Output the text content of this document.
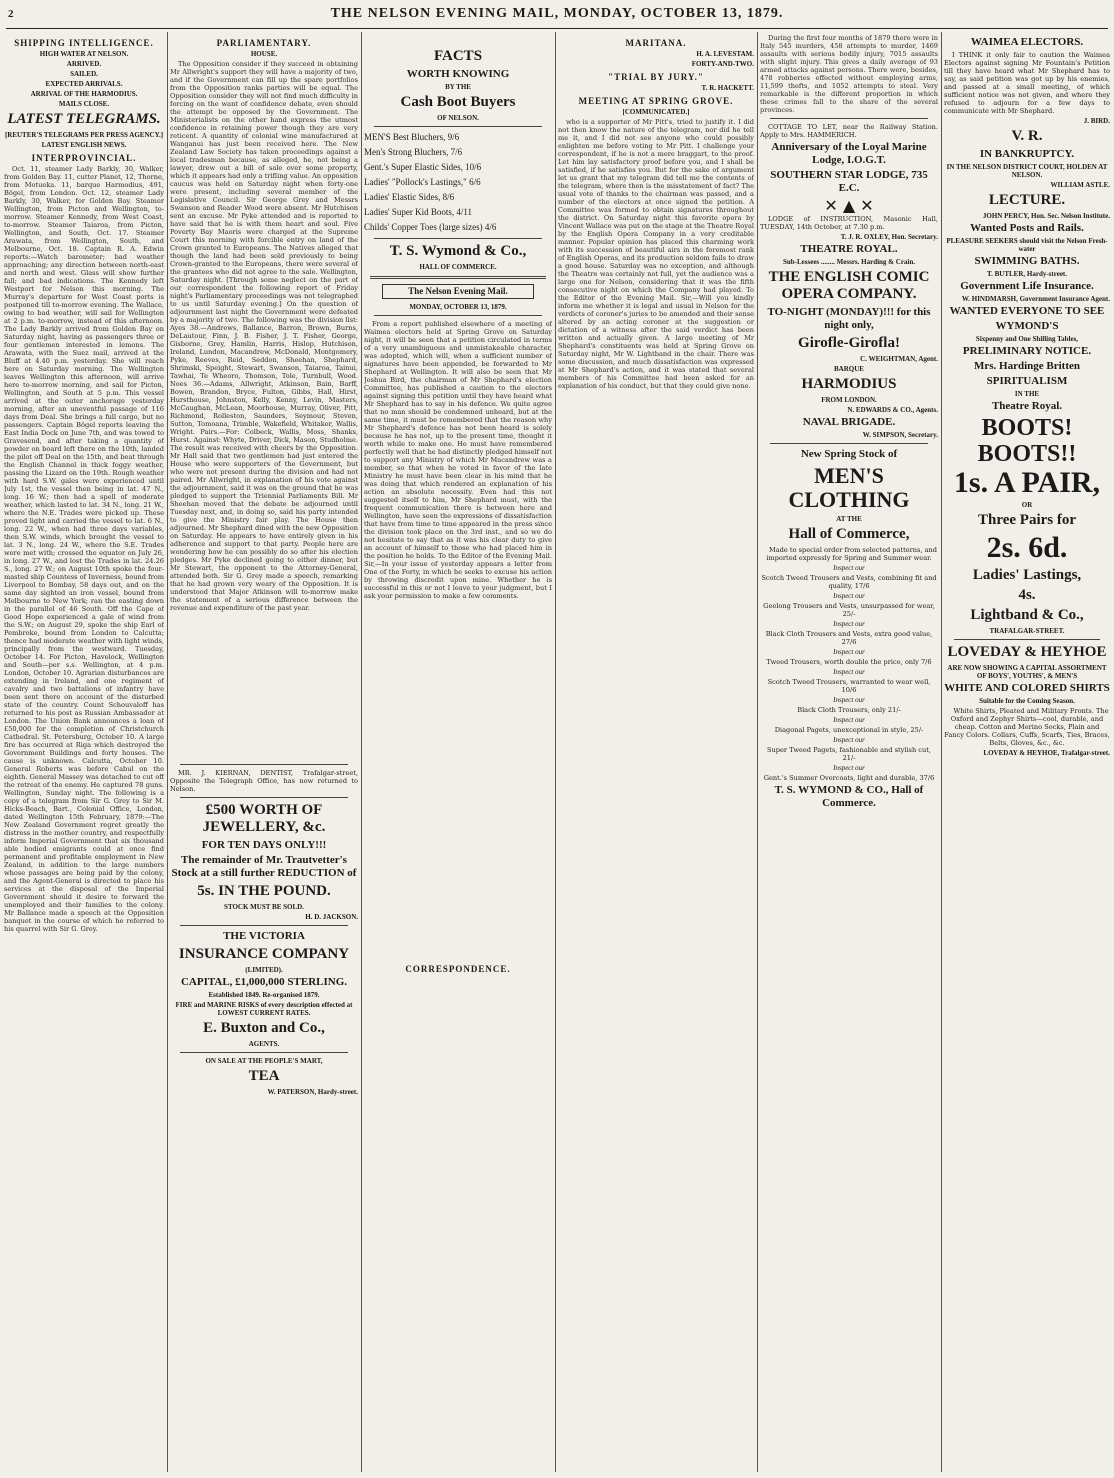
2	THE NELSON EVENING MAIL, MONDAY, OCTOBER 13, 1879.
SHIPPING INTELLIGENCE.
HIGH WATER AT NELSON.
ARRIVED.
SAILED.
EXPECTED ARRIVALS.
ARRIVAL OF THE HARMODIUS.
MAILS CLOSE.
LATEST TELEGRAMS.
[REUTER'S TELEGRAMS PER PRESS AGENCY.]
LATEST ENGLISH NEWS.
INTERPROVINCIAL.

Oct. 11, steamer Lady Barkly, 30, Walker, from Golden Bay. 11, cutter Planet, 12, Thorne, from Motueka. 11, barque Harmodius, 491, Bögel, from London. Oct. 12, steamer Lady Barkly, 30, Walker, for Golden Bay. Steamer Wellington, from Picton and Wellington, to-morrow. Steamer Kennedy, from West Coast, to-morrow. Steamer Taiaroa, from Picton, Wellington, and South, Oct. 17. Steamer Arawata, from Wellington, South, and Melbourne, Oct. 18. Captain R. A. Edwin reports:—Watch barometer; bad weather approaching; any direction between north-east and north and west. Glass will show further fall; and bad indications. The Kennedy left Westport for Nelson this morning. The Murray's departure for West Coast ports is postponed till to-morrow evening. The Wallace, owing to bad weather, will sail for Wellington at 2 p.m. to-morrow, instead of this afternoon. The Lady Barkly arrived from Golden Bay on Saturday night, having as passengers three or four gentlemen interested in lemons. The Arawata, with the Suez mail, arrived at the Bluff at 4.40 p.m. yesterday. She will reach here on Saturday morning. The Wellington leaves Wellington this afternoon, will arrive here to-morrow morning, and sail for Picton, Wellington, and South at 5 p.m. This vessel arrived at the outer anchorage yesterday morning, after an uneventful passage of 116 days from Deal. She brings a full cargo, but no passengers. Captain Bögel reports leaving the East India Dock on June 7th, and was towed to Gravesend, and after taking a quantity of powder on board left there on the 10th, landed the pilot off Deal on the 15th, and beat through the English Channel in thick foggy weather, passing the Lizard on the 19th. Rough weather with hard S.W. gales were experienced until July 1st, the vessel then being in lat. 47 N., long. 16 W.; then had a spell of moderate weather, which lasted to lat. 34 N., long. 21 W., where the N.E. Trades were picked up. These proved light and carried the vessel to lat. 6 N., long. 22 W., when had three days variables, then S.W. winds, which brought the vessel to lat. 3 N., long. 24 W., where the S.E. Trades were met with; crossed the equator on July 26, in long. 27 W., and lost the Trades in lat. 24.26 S., long. 27 W.; on August 10th spoke the four-masted ship Countess of Inverness, bound from Liverpool to Bombay, 58 days out, and on the same day sighted an iron vessel, bound from Melbourne to New York; ran the easting down in the parallel of 46 South. Off the Cape of Good Hope experienced a gale of wind from the S.W.; on August 29, spoke the ship Earl of Pembroke, bound from London to Calcutta; thence had moderate weather with light winds, principally from the westward. Tuesday, October 14. For Picton, Havelock, Wellington and South—per s.s. Wellington, at 4 p.m. London, October 10. Agrarian disturbances are extending in Ireland, and one regiment of cavalry and two battalions of infantry have been sent there on account of the disturbed state of the country. Count Schouvaloff has returned to his post as Russian Ambassador at London. The Union Bank announces a loan of £50,000 for the completion of Christchurch Cathedral. St. Petersburg, October 10. A large fire has occurred at Riga which destroyed the Government Buildings and forty houses. The cause is unknown. Calcutta, October 10. General Roberts was before Cabul on the eighth. General Massey was detached to cut off the retreat of the enemy. He captured 78 guns. Wellington, Sunday night. The following is a copy of a telegram from Sir G. Grey to Sir M. Hicks-Beach, Bart., Colonial Office, London, dated Wellington 15th February, 1879:—The New Zealand Government regret greatly the distress in the mother country, and respectfully inform Imperial Government that six thousand able bodied emigrants could at once find permanent and profitable employment in New Zealand, in addition to the large numbers whose passages are being paid by the colony, and the Agent-General is directed to place his services at the disposal of the Imperial Government should it desire to forward the unemployed and their families to the colony. Mr Ballance made a speech at the Opposition banquet in the course of which he referred to his quarrel with Sir G. Grey.

PARLIAMENTARY.
HOUSE.

The Opposition consider if they succeed in obtaining Mr Allwright's support they will have a majority of two, and if the Government can fill up the spare portfolios from the Opposition ranks parties will be equal. The Opposition consider they will not find much difficulty in forcing on the want of confidence debate, even should the attempt be opposed by the Government. The Ministerialists on the other hand express the utmost confidence in retaining power though they are very reticent. A quantity of colonial wine manufactured at Wanganui has just been received here. The New Zealand Law Society has taken proceedings against a local tradesman because, as alleged, he, not being a lawyer, drew out a bill of sale over some property, which it appears had only a trifling value. An opposition caucus was held on Saturday night when forty-one were present, including several member of the Legislative Council. Sir George Grey and Messrs Swanson and Reader Wood were absent. Mr Hutchison sent an excuse. Mr Pyke attended and is reported to have said that he is with them heart and soul. Five Poverty Bay Maoris were charged at the Supreme Court this morning with forcible entry on land of the Crown granted to Europeans. The Natives alleged that though the land had been sold previously to being Crown-granted to the Europeans, there were several of the grantees who did not agree to the sale. Wellington, Saturday night. [Through some neglect on the part of our correspondent the following report of Friday night's Parliamentary proceedings was not telegraphed to us until Saturday evening.] On the question of adjournment last night the Government were defeated by a majority of two. The following was the division list: Ayes 38.—Andrews, Ballance, Barron, Brown, Burns, DeLautour, Finn, J. B. Fisher, J. T. Fisher, George, Gisborne, Grey, Hamlin, Harris, Hislop, Hutchison, Ireland, Lundon, Macandrew, McDonald, Montgomery, Pyke, Reeves, Reid, Seddon, Sheehan, Shephard, Shrimski, Speight, Stewart, Swanson, Taiaroa, Tainui, Tawhai, Te Wheoro, Thomson, Tole, Turnbull, Wood. Noes 36.—Adams, Allwright, Atkinson, Bain, Barff, Bowen, Brandon, Bryce, Fulton, Gibbs, Hall, Hirst, Hursthouse, Johnston, Kelly, Kenny, Levin, Masters, McCaughan, McLean, Moorhouse, Murray, Oliver, Pitt, Richmond, Rolleston, Saunders, Seymour, Steven, Sutton, Tomoana, Trimble, Wakefield, Whitaker, Wallis, Wright. Pairs.—For: Colbeck, Wallis, Moss, Shanks, Hurst. Against: Whyte, Driver, Dick, Mason, Studholme. The result was received with cheers by the Opposition. Mr Hall said that two gentlemen had just entered the House who were supporters of the Government, but who were not present during the division and had not paired. Mr Allwright, in explanation of his vote against the adjournment, said it was on the ground that he was pledged to support the Triennial Parliaments Bill. Mr Sheehan moved that the debate be adjourned until Tuesday next, and, in doing so, said his party intended to give the Ministry fair play. The House then adjourned. Mr Shephard dined with the new Opposition on Saturday. He appears to have entirely given in his adherence and support to that party. People here are wondering how he can possibly do so after his election pledges. Mr Pyke declined going to either dinner, but Mr Stewart, the opponent to the Attorney-General, attended both. Sir G. Grey made a speech, remarking that he had grown very weary of the Opposition. It is understood that Major Atkinson will to-morrow make the statement of a serious difference between the revenue and expenditure of the past year.

MR. J. KIERNAN, DENTIST, Trafalgar-street, Opposite the Telegraph Office, has now returned to Nelson.

£500 WORTH OF JEWELLERY, &c.
FOR TEN DAYS ONLY!!!
The remainder of Mr. Trautvetter's Stock at a still further REDUCTION of
5s. IN THE POUND.
STOCK MUST BE SOLD.
H. D. JACKSON.
THE VICTORIA
INSURANCE COMPANY
(LIMITED).
CAPITAL, £1,000,000 STERLING.
Established 1849. Re-organised 1879.
FIRE and MARINE RISKS of every description effected at LOWEST CURRENT RATES.
E. Buxton and Co.,
AGENTS.
ON SALE AT THE PEOPLE'S MART,
TEA
W. PATERSON, Hardy-street.
FACTS
WORTH KNOWING
BY THE
Cash Boot Buyers
OF NELSON.
MEN'S Best Bluchers, 9/6
Men's Strong Bluchers, 7/6
Gent.'s Super Elastic Sides, 10/6
Ladies' "Pollock's Lastings," 6/6
Ladies' Elastic Sides, 8/6
Ladies' Super Kid Boots, 4/11
Childs' Copper Toes (large sizes) 4/6
T. S. Wymond & Co.,
HALL OF COMMERCE.
The Nelson Evening Mail.
MONDAY, OCTOBER 13, 1879.

From a report published elsewhere of a meeting of Waimea electors held at Spring Grove on Saturday night, it will be seen that a petition circulated in terms of a very unambiguous and unmistakeable character, was adopted, which will, when a sufficient number of signatures have been appended, be forwarded to Mr Shephard at Wellington. It will also be seen that Mr Joshua Bird, the chairman of Mr Shephard's election Committee, has published a caution to the electors against signing this petition until they have heard what Mr Shephard has to say in his defence. We quite agree that no man should be condemned unheard, but at the same time, it must be remembered that the reason why Mr Shephard's defence has not been heard is solely because he has not, up to the present time, thought it worth while to make one. He must have remembered perfectly well that he had distinctly pledged himself not to support any Ministry of which Mr Macandrew was a member, so that when he voted in favor of the late Ministry he must have been clear in his mind that he was doing that which rendered an explanation of his action an absolute necessity. Even had this not suggested itself to him, Mr Shephard must, with the frequent communication there is between here and Wellington, have seen the expressions of dissatisfaction that have from time to time appeared in the press since the division took place on the 3rd inst., and so we do not hesitate to say that as it was his clear duty to give an account of himself to those who had placed him in the position he holds. To the Editor of the Evening Mail. Sir,—In your issue of yesterday appears a letter from One of the Forty, in which he seeks to excuse his action by throwing discredit upon mine. Whether he is successful in this or not I leave to your judgment, but I ask your permission to make a few comments.

CORRESPONDENCE.
MARITANA.
H. A. LEVESTAM.
FORTY-AND-TWO.
"TRIAL BY JURY."
T. R. HACKETT.
MEETING AT SPRING GROVE.
[COMMUNICATED.]

who is a supporter of Mr Pitt's, tried to justify it. I did not then know the nature of the telegram, nor did he tell me it, and I did not see anyone who could possibly enlighten me before voting to Mr Pitt. I challenge your correspondent, if he is not a mere braggart, to the proof. Let him lay satisfactory proof before you, and I shall be satisfied, if he satisfies you. But for the sake of argument let us grant that my telegram did tell me the contents of the telegram, where then is the misstatement of fact? The usual vote of thanks to the chairman was passed, and a number of the electors at once signed the petition. A Committee was formed to obtain signatures throughout the district. On Saturday night this favorite opera by Vincent Wallace was put on the stage at the Theatre Royal by the English Opera Company in a very creditable manner. Popular opinion has placed this charming work with its succession of beautiful airs in the foremost rank of English Operas, and its production seldom fails to draw a good house. Saturday was no exception, and although the Theatre was certainly not full, yet the audience was a large one for Nelson, considering that it was the fifth consecutive night on which the Company had played. To the Editor of the Evening Mail. Sir,—Will you kindly inform me whether it is legal and usual in Nelson for the verdicts of coroner's juries to be amended and their sense altered by an acting coroner at the suggestion or dictation of a witness after the said verdict has been written and actually given. A large meeting of Mr Shephard's constituents was held at Spring Grove on Saturday night, Mr W. Lightband in the chair. There was some discussion, and much dissatisfaction was expressed at Mr Shephard's action, and it was stated that several members of his Committee had been asked for an explanation of his conduct, but that they could give none.

During the first four months of 1879 there were in Italy 545 murders, 458 attempts to murder, 1469 assaults with serious bodily injury, 7015 assaults with slight injury. This gives a daily average of 93 armed attacks against persons. There were, besides, 478 robberies effected without employing arms, 11,599 thefts, and 1052 attempts to steal. Very remarkable is the different proportion in which these crimes fall to the share of the several provinces.

COTTAGE TO LET, near the Railway Station. Apply to Mrs. HAMMERICH.

Anniversary of the Loyal Marine Lodge, I.O.G.T.
SOUTHERN STAR LODGE, 735 E.C.
✕ ▲ ✕

LODGE of INSTRUCTION, Masonic Hall, TUESDAY, 14th October, at 7.30 p.m.

T. J. R. OXLEY, Hon. Secretary.
THEATRE ROYAL.
Sub-Lessees ........ Messrs. Harding & Crain.
THE ENGLISH COMIC OPERA COMPANY.
TO-NIGHT (MONDAY)!!! for this night only,
Girofle-Girofla!
C. WEIGHTMAN, Agent.
BARQUE
HARMODIUS
FROM LONDON.
N. EDWARDS & CO., Agents.
NAVAL BRIGADE.
W. SIMPSON, Secretary.
New Spring Stock of
MEN'S CLOTHING
AT THE
Hall of Commerce,

Made to special order from selected patterns, and imported expressly for Spring and Summer wear.

Inspect our
Scotch Tweed Trousers and Vests, combining fit and quality, 17/6
Inspect our
Geelong Trousers and Vests, unsurpassed for wear, 25/-
Inspect our
Black Cloth Trousers and Vests, extra good value, 27/6
Inspect our
Tweed Trousers, worth double the price, only 7/6
Inspect our
Scotch Tweed Trousers, warranted to wear well, 10/6
Inspect our
Black Cloth Trousers, only 21/-
Inspect our
Diagonal Pagets, unexceptional in style, 25/-
Inspect our
Super Tweed Pagets, fashionable and stylish cut, 21/-
Inspect our
Gent.'s Summer Overcoats, light and durable, 37/6
T. S. WYMOND & CO., Hall of Commerce.
WAIMEA ELECTORS.

I THINK it only fair to caution the Waimea Electors against signing Mr Fountain's Petition till they have heard what Mr Shephard has to say, as said petition was got up by his enemies, and passed at a small meeting, of which sufficient notice was not given, and where they refused to adjourn for a few days to communicate with Mr Shephard.

J. BIRD.
V. R.
IN BANKRUPTCY.
IN THE NELSON DISTRICT COURT, HOLDEN AT NELSON.
WILLIAM ASTLE.
LECTURE.
JOHN PERCY, Hon. Sec. Nelson Institute.
Wanted Posts and Rails.
PLEASURE SEEKERS should visit the Nelson Fresh-water
SWIMMING BATHS.
T. BUTLER, Hardy-street.
Government Life Insurance.
W. HINDMARSH, Government Insurance Agent.
WANTED EVERYONE TO SEE
WYMOND'S
Sixpenny and One Shilling Tables,
PRELIMINARY NOTICE.
Mrs. Hardinge Britten
SPIRITUALISM
IN THE
Theatre Royal.
BOOTS!
BOOTS!!
1s. A PAIR,
OR
Three Pairs for
2s. 6d.
Ladies' Lastings,
4s.
Lightband & Co.,
TRAFALGAR-STREET.
LOVEDAY & HEYHOE
ARE NOW SHOWING A CAPITAL ASSORTMENT OF BOYS', YOUTHS', & MEN'S
WHITE AND COLORED SHIRTS
Suitable for the Coming Season.

White Shirts, Pleated and Military Fronts. The Oxford and Zephyr Shirts—cool, durable, and cheap. Cotton and Merino Socks, Plain and Fancy Colors. Collars, Cuffs, Scarfs, Ties, Braces, Belts, Gloves, &c., &c.

LOVEDAY & HEYHOE, Trafalgar-street.
